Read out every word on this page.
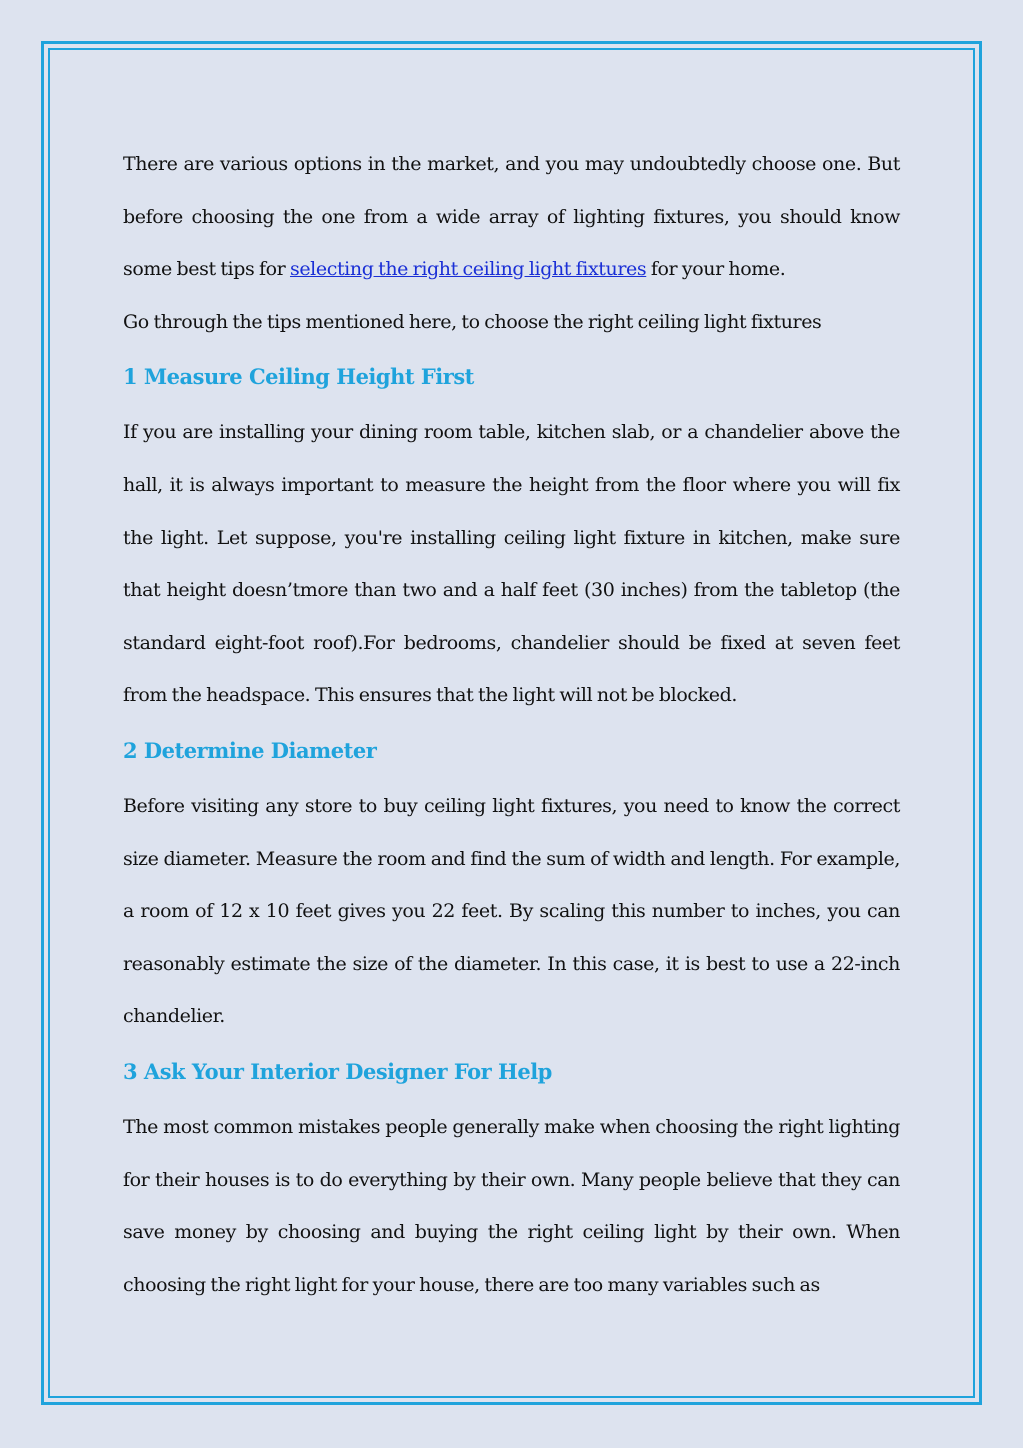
There are various options in the market, and you may undoubtedly choose one. But before choosing the one from a wide array of lighting fixtures, you should know some best tips for selecting the right ceiling light fixtures for your home.

Go through the tips mentioned here, to choose the right ceiling light fixtures

1 Measure Ceiling Height First

If you are installing your dining room table, kitchen slab, or a chandelier above the hall, it is always important to measure the height from the floor where you will fix the light. Let suppose, you're installing ceiling light fixture in kitchen, make sure that height doesn’tmore than two and a half feet (30 inches) from the tabletop (the standard eight-foot roof).For bedrooms, chandelier should be fixed at seven feet from the headspace. This ensures that the light will not be blocked.

2 Determine Diameter

Before visiting any store to buy ceiling light fixtures, you need to know the correct size diameter. Measure the room and find the sum of width and length. For example, a room of 12 x 10 feet gives you 22 feet. By scaling this number to inches, you can reasonably estimate the size of the diameter. In this case, it is best to use a 22-inch chandelier.

3 Ask Your Interior Designer For Help

The most common mistakes people generally make when choosing the right lighting for their houses is to do everything by their own. Many people believe that they can save money by choosing and buying the right ceiling light by their own. When choosing the right light for your house, there are too many variables such as
